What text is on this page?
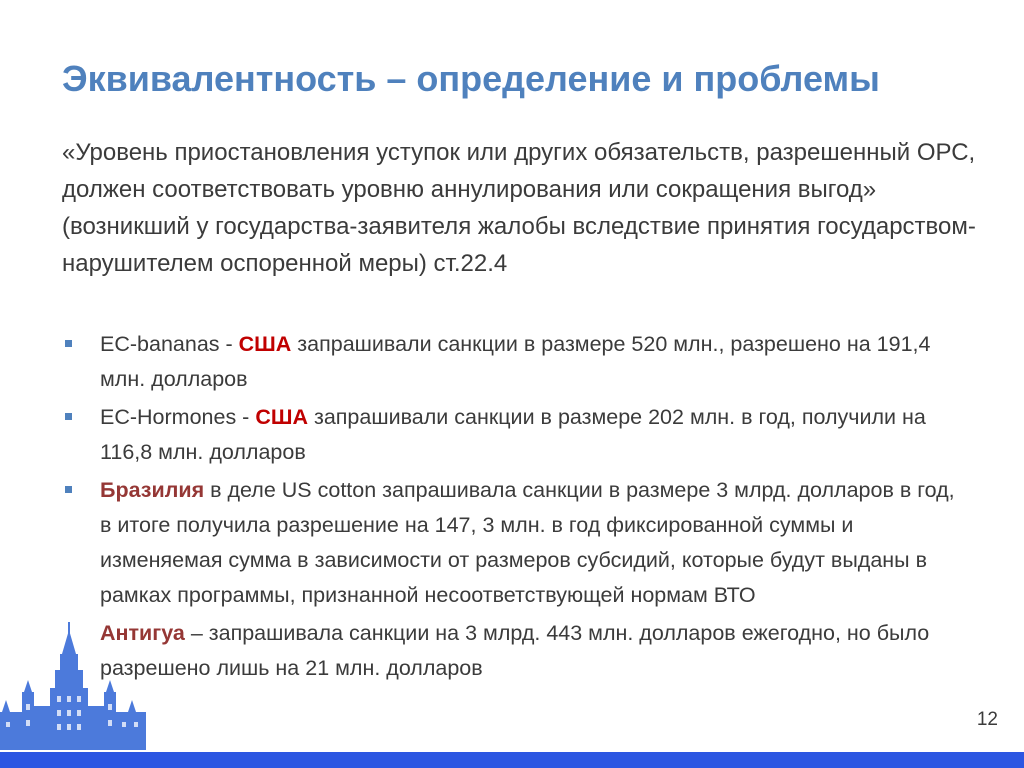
Эквивалентность – определение и проблемы

«Уровень приостановления уступок или других обязательств, разрешенный ОРС, должен соответствовать уровню аннулирования или сокращения выгод» (возникший у государства-заявителя жалобы вследствие принятия государством-нарушителем оспоренной меры) ст.22.4

ЕС-bananas - США запрашивали санкции в размере 520 млн., разрешено на 191,4 млн. долларов
ЕС-Hormones - США запрашивали санкции в размере 202 млн. в год, получили на 116,8 млн. долларов
Бразилия в деле US cotton запрашивала санкции в размере 3 млрд. долларов в год, в итоге получила разрешение на 147, 3 млн. в год фиксированной суммы и изменяемая сумма в зависимости от размеров субсидий, которые будут выданы в рамках программы, признанной несоответствующей нормам ВТО
Антигуа – запрашивала санкции на 3 млрд. 443 млн. долларов ежегодно, но было разрешено лишь на 21 млн. долларов
12
